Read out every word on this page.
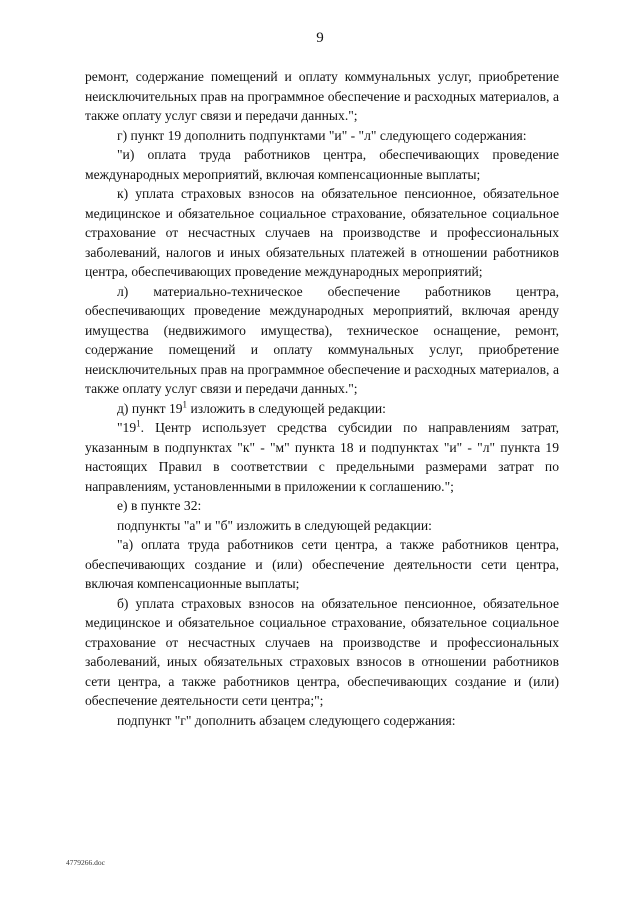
9

ремонт, содержание помещений и оплату коммунальных услуг, приобретение неисключительных прав на программное обеспечение и расходных материалов, а также оплату услуг связи и передачи данных.";

г) пункт 19 дополнить подпунктами "и" - "л" следующего содержания:

"и) оплата труда работников центра, обеспечивающих проведение международных мероприятий, включая компенсационные выплаты;

к) уплата страховых взносов на обязательное пенсионное, обязательное медицинское и обязательное социальное страхование, обязательное социальное страхование от несчастных случаев на производстве и профессиональных заболеваний, налогов и иных обязательных платежей в отношении работников центра, обеспечивающих проведение международных мероприятий;

л) материально-техническое обеспечение работников центра, обеспечивающих проведение международных мероприятий, включая аренду имущества (недвижимого имущества), техническое оснащение, ремонт, содержание помещений и оплату коммунальных услуг, приобретение неисключительных прав на программное обеспечение и расходных материалов, а также оплату услуг связи и передачи данных.";

д) пункт $19^1$ изложить в следующей редакции:

"$19^1$. Центр использует средства субсидии по направлениям затрат, указанным в подпунктах "к" - "м" пункта 18 и подпунктах "и" - "л" пункта 19 настоящих Правил в соответствии с предельными размерами затрат по направлениям, установленными в приложении к соглашению.";

е) в пункте 32:

подпункты "а" и "б" изложить в следующей редакции:

"а) оплата труда работников сети центра, а также работников центра, обеспечивающих создание и (или) обеспечение деятельности сети центра, включая компенсационные выплаты;

б) уплата страховых взносов на обязательное пенсионное, обязательное медицинское и обязательное социальное страхование, обязательное социальное страхование от несчастных случаев на производстве и профессиональных заболеваний, иных обязательных страховых взносов в отношении работников сети центра, а также работников центра, обеспечивающих создание и (или) обеспечение деятельности сети центра;";

подпункт "г" дополнить абзацем следующего содержания:

4779266.doc
